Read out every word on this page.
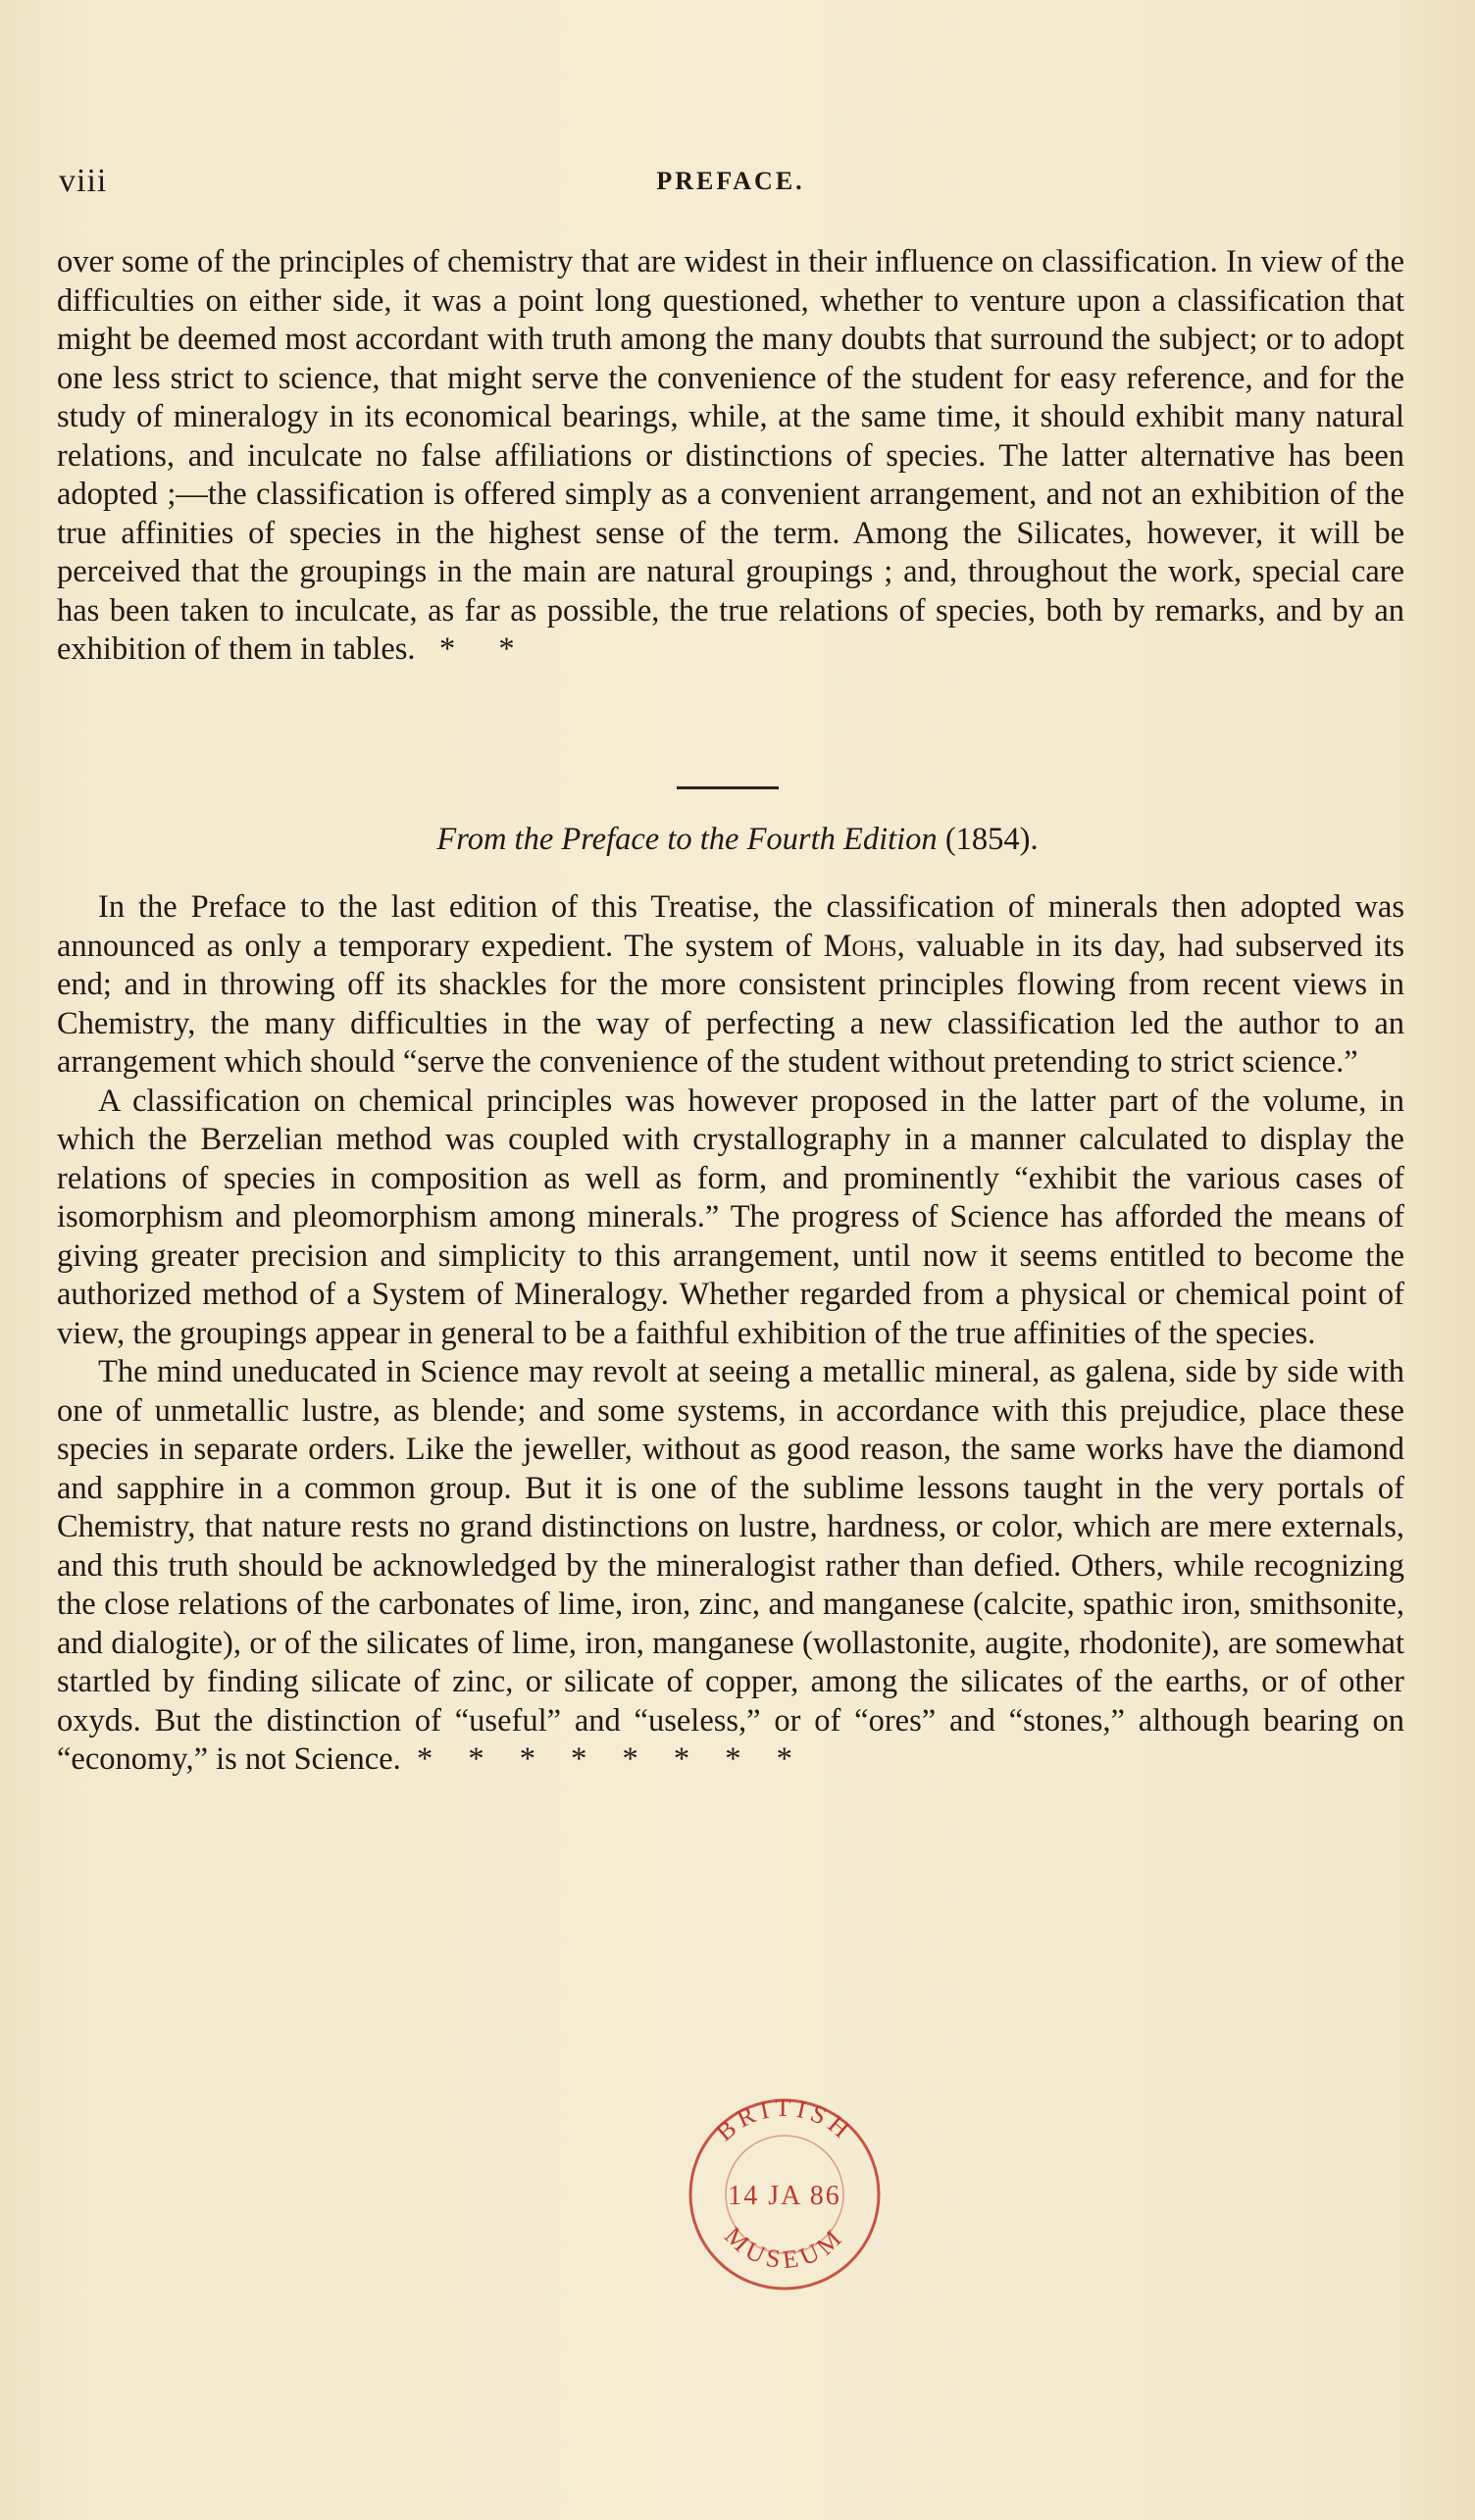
viii	PREFACE.

over some of the principles of chemistry that are widest in their influence on classification. In view of the difficulties on either side, it was a point long questioned, whether to venture upon a classification that might be deemed most accordant with truth among the many doubts that surround the subject; or to adopt one less strict to science, that might serve the convenience of the student for easy reference, and for the study of mineralogy in its economical bearings, while, at the same time, it should exhibit many natural relations, and inculcate no false affiliations or distinctions of species. The latter alternative has been adopted ;—the classification is offered simply as a convenient arrangement, and not an exhibition of the true affinities of species in the highest sense of the term. Among the Silicates, however, it will be perceived that the groupings in the main are natural groupings ; and, throughout the work, special care has been taken to inculcate, as far as possible, the true relations of species, both by remarks, and by an exhibition of them in tables. * *

From the Preface to the Fourth Edition (1854).

In the Preface to the last edition of this Treatise, the classification of minerals then adopted was announced as only a temporary expedient. The system of Mohs, valuable in its day, had subserved its end; and in throwing off its shackles for the more consistent principles flowing from recent views in Chemistry, the many difficulties in the way of perfecting a new classification led the author to an arrangement which should “serve the convenience of the student without pretending to strict science.”

A classification on chemical principles was however proposed in the latter part of the volume, in which the Berzelian method was coupled with crystallography in a manner calculated to display the relations of species in composition as well as form, and prominently “exhibit the various cases of isomorphism and pleomorphism among minerals.” The progress of Science has afforded the means of giving greater precision and simplicity to this arrangement, until now it seems entitled to become the authorized method of a System of Mineralogy. Whether regarded from a physical or chemical point of view, the groupings appear in general to be a faithful exhibition of the true affinities of the species.

The mind uneducated in Science may revolt at seeing a metallic mineral, as galena, side by side with one of unmetallic lustre, as blende; and some systems, in accordance with this prejudice, place these species in separate orders. Like the jeweller, without as good reason, the same works have the diamond and sapphire in a common group. But it is one of the sublime lessons taught in the very portals of Chemistry, that nature rests no grand distinctions on lustre, hardness, or color, which are mere externals, and this truth should be acknowledged by the mineralogist rather than defied. Others, while recognizing the close relations of the carbonates of lime, iron, zinc, and manganese (calcite, spathic iron, smithsonite, and dialogite), or of the silicates of lime, iron, manganese (wollastonite, augite, rhodonite), are somewhat startled by finding silicate of zinc, or silicate of copper, among the silicates of the earths, or of other oxyds. But the distinction of “useful” and “useless,” or of “ores” and “stones,” although bearing on “economy,” is not Science. * * * * * * * *

BRITISH
14 JA 86
MUSEUM
